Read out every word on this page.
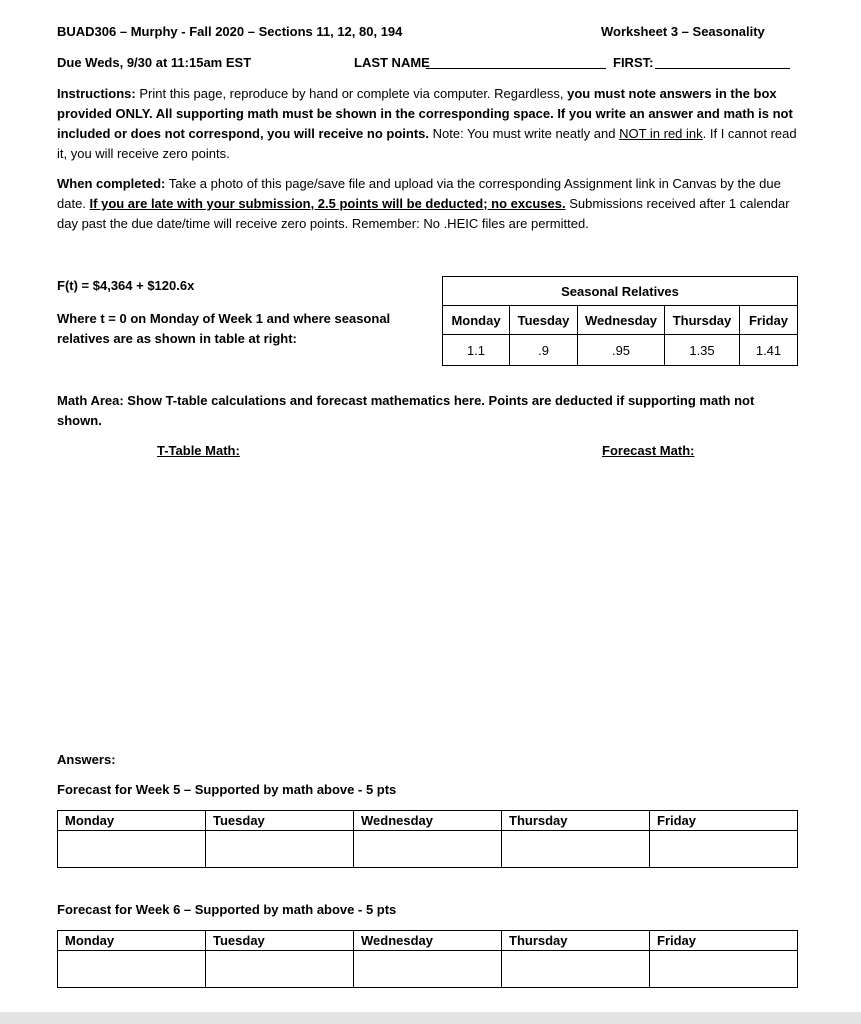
BUAD306 – Murphy - Fall 2020 – Sections 11, 12, 80, 194	Worksheet 3 – Seasonality
Due Weds, 9/30 at 11:15am EST	LAST NAME	FIRST:
Instructions: Print this page, reproduce by hand or complete via computer. Regardless, you must note answers in the box provided ONLY. All supporting math must be shown in the corresponding space. If you write an answer and math is not included or does not correspond, you will receive no points. Note: You must write neatly and NOT in red ink. If I cannot read it, you will receive zero points.
When completed: Take a photo of this page/save file and upload via the corresponding Assignment link in Canvas by the due date. If you are late with your submission, 2.5 points will be deducted; no excuses. Submissions received after 1 calendar day past the due date/time will receive zero points. Remember: No .HEIC files are permitted.
F(t) = $4,364 + $120.6x
Where t = 0 on Monday of Week 1 and where seasonal relatives are as shown in table at right:
Seasonal Relatives				
Monday	Tuesday	Wednesday	Thursday	Friday
1.1	.9	.95	1.35	1.41
Math Area: Show T-table calculations and forecast mathematics here. Points are deducted if supporting math not shown.
T-Table Math:	Forecast Math:
Answers:
Forecast for Week 5 – Supported by math above - 5 pts
Monday	Tuesday	Wednesday	Thursday	Friday

Forecast for Week 6 – Supported by math above - 5 pts
Monday	Tuesday	Wednesday	Thursday	Friday
